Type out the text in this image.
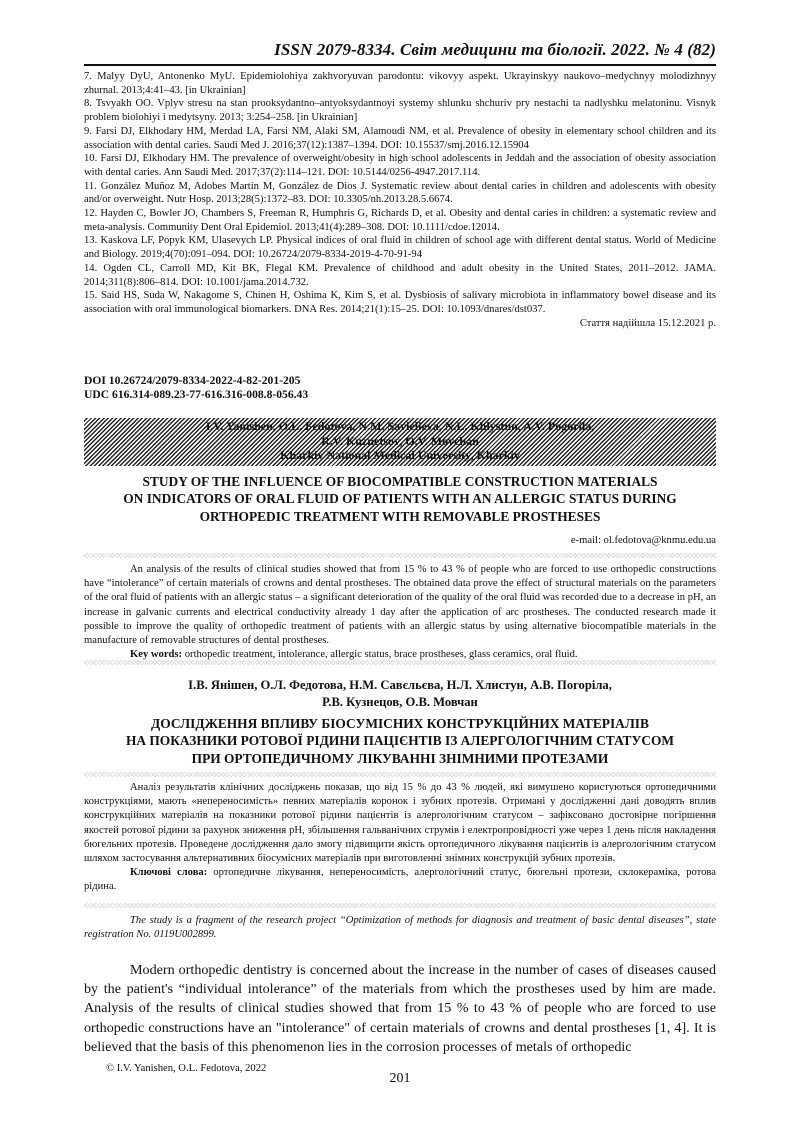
ISSN 2079-8334. Світ медицини та біології. 2022. № 4 (82)

7. Malyy DyU, Antonenko MyU. Epidemiolohiya zakhvoryuvan parodontu: vikovyy aspekt. Ukrayinskyy naukovo–medychnyy molodizhnyy zhurnal. 2013;4:41–43. [in Ukrainian]

8. Tsvyakh OO. Vplyv stresu na stan prooksydantno–antyoksydantnoyi systemy shlunku shchuriv pry nestachi ta nadlyshku melatoninu. Visnyk problem biolohiyi i medytsyny. 2013; 3:254–258. [in Ukrainian]

9. Farsi DJ, Elkhodary HM, Merdad LA, Farsi NM, Alaki SM, Alamoudi NM, et al. Prevalence of obesity in elementary school children and its association with dental caries. Saudi Med J. 2016;37(12):1387–1394. DOI: 10.15537/smj.2016.12.15904

10. Farsi DJ, Elkhodary HM. The prevalence of overweight/obesity in high school adolescents in Jeddah and the association of obesity association with dental caries. Ann Saudi Med. 2017;37(2):114–121. DOI: 10.5144/0256-4947.2017.114.

11. González Muñoz M, Adobes Martín M, González de Dios J. Systematic review about dental caries in children and adolescents with obesity and/or overweight. Nutr Hosp. 2013;28(5):1372–83. DOI: 10.3305/nh.2013.28.5.6674.

12. Hayden C, Bowler JO, Chambers S, Freeman R, Humphris G, Richards D, et al. Obesity and dental caries in children: a systematic review and meta-analysis. Community Dent Oral Epidemiol. 2013;41(4):289–308. DOI: 10.1111/cdoe.12014.

13. Kaskova LF, Popyk KM, Ulasevych LP. Physical indices of oral fluid in children of school age with different dental status. World of Medicine and Biology. 2019;4(70):091–094. DOI: 10.26724/2079-8334-2019-4-70-91-94

14. Ogden CL, Carroll MD, Kit BK, Flegal KM. Prevalence of childhood and adult obesity in the United States, 2011–2012. JAMA. 2014;311(8):806–814. DOI: 10.1001/jama.2014.732.

15. Said HS, Suda W, Nakagome S, Chinen H, Oshima K, Kim S, et al. Dysbiosis of salivary microbiota in inflammatory bowel disease and its association with oral immunological biomarkers. DNA Res. 2014;21(1):15–25. DOI: 10.1093/dnares/dst037.

Стаття надійшла 15.12.2021 р.
DOI 10.26724/2079-8334-2022-4-82-201-205
UDC 616.314-089.23-77-616.316-008.8-056.43
I.V. Yanishen, O.L. Fedotova, N.M. Savielieva, N.L. Khlystun, A.V. Pogorila,
R.V. Kuznetsov, O.V. Movchan
Kharkiv National Medical University, Kharkiv
STUDY OF THE INFLUENCE OF BIOCOMPATIBLE CONSTRUCTION MATERIALS
ON INDICATORS OF ORAL FLUID OF PATIENTS WITH AN ALLERGIC STATUS DURING
ORTHOPEDIC TREATMENT WITH REMOVABLE PROSTHESES
e-mail: ol.fedotova@knmu.edu.ua

An analysis of the results of clinical studies showed that from 15 % to 43 % of people who are forced to use orthopedic constructions have “intolerance” of certain materials of crowns and dental prostheses. The obtained data prove the effect of structural materials on the parameters of the oral fluid of patients with an allergic status – a significant deterioration of the quality of the oral fluid was recorded due to a decrease in pH, an increase in galvanic currents and electrical conductivity already 1 day after the application of arc prostheses. The conducted research made it possible to improve the quality of orthopedic treatment of patients with an allergic status by using alternative biocompatible materials in the manufacture of removable structures of dental prostheses.

Key words: orthopedic treatment, intolerance, allergic status, brace prostheses, glass ceramics, oral fluid.

І.В. Янішен, О.Л. Федотова, Н.М. Савєльєва, Н.Л. Хлистун, А.В. Погоріла,
Р.В. Кузнецов, О.В. Мовчан
ДОСЛІДЖЕННЯ ВПЛИВУ БІОСУМІСНИХ КОНСТРУКЦІЙНИХ МАТЕРІАЛІВ
НА ПОКАЗНИКИ РОТОВОЇ РІДИНИ ПАЦІЄНТІВ ІЗ АЛЕРГОЛОГІЧНИМ СТАТУСОМ
ПРИ ОРТОПЕДИЧНОМУ ЛІКУВАННІ ЗНІМНИМИ ПРОТЕЗАМИ

Аналіз результатів клінічних досліджень показав, що від 15 % до 43 % людей, які вимушено користуються ортопедичними конструкціями, мають «непереносимість» певних матеріалів коронок і зубних протезів. Отримані у дослідженні дані доводять вплив конструкційних матеріалів на показники ротової рідини пацієнтів із алергологічним статусом – зафіксовано достовірне погіршення якостей ротової рідини за рахунок зниження pH, збільшення гальванічних струмів і електропровідності уже через 1 день після накладення бюгельних протезів. Проведене дослідження дало змогу підвищити якість ортопедичного лікування пацієнтів із алергологічним статусом шляхом застосування альтернативних біосумісних матеріалів при виготовленні знімних конструкцій зубних протезів.

Ключові слова: ортопедичне лікування, непереносимість, алергологічний статус, бюгельні протези, склокераміка, ротова рідина.

The study is a fragment of the research project “Optimization of methods for diagnosis and treatment of basic dental diseases”, state registration No. 0119U002899.

Modern orthopedic dentistry is concerned about the increase in the number of cases of diseases caused by the patient's “individual intolerance” of the materials from which the prostheses used by him are made. Analysis of the results of clinical studies showed that from 15 % to 43 % of people who are forced to use orthopedic constructions have an "intolerance" of certain materials of crowns and dental prostheses [1, 4]. It is believed that the basis of this phenomenon lies in the corrosion processes of metals of orthopedic

© I.V. Yanishen, O.L. Fedotova, 2022
201
